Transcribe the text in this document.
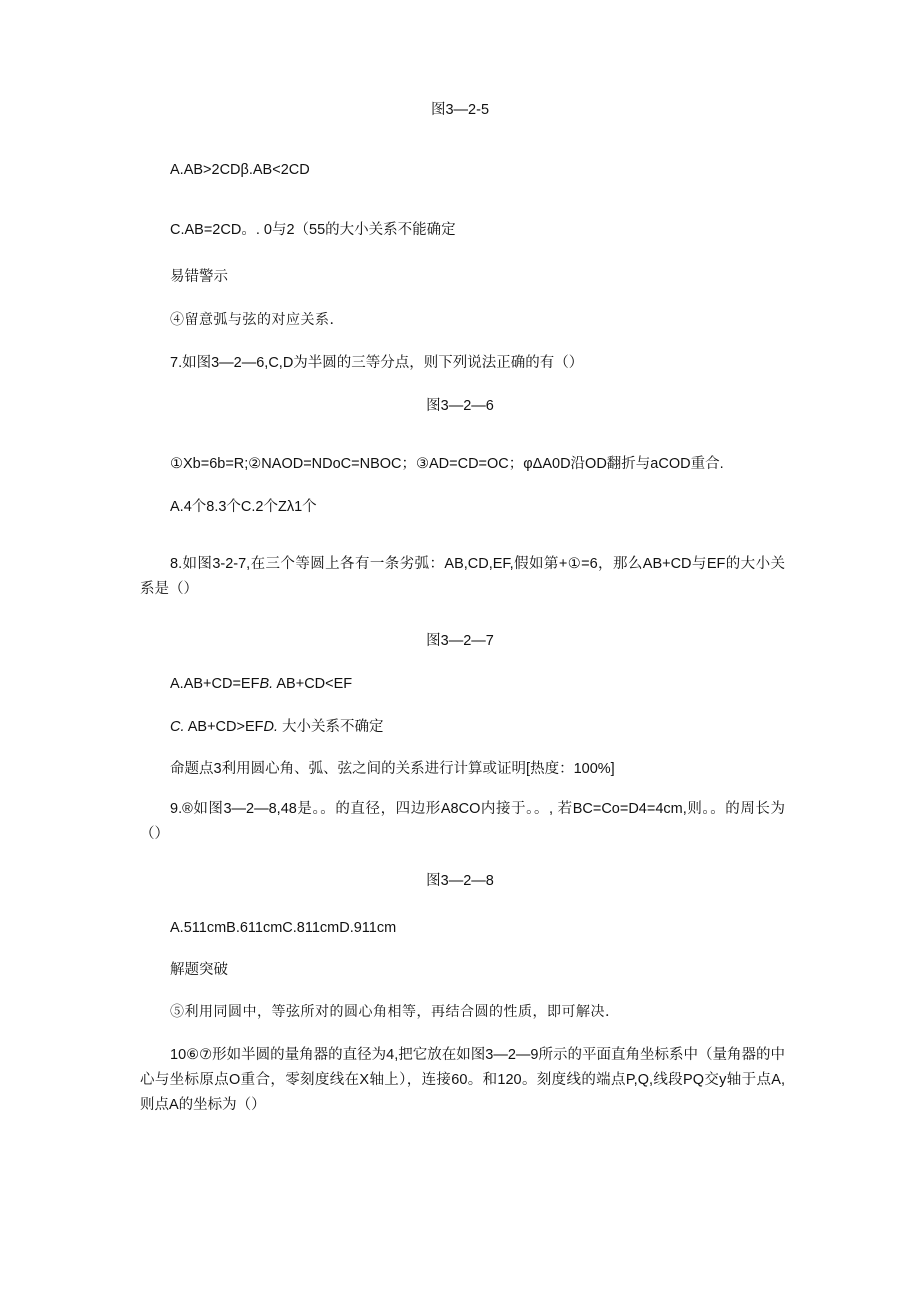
图3—2-5
A.AB>2CDβ.AB<2CD
C.AB=2CD。. 0与2（55的大小关系不能确定
易错警示
④留意弧与弦的对应关系.
7.如图3—2—6,C,D为半圆的三等分点，则下列说法正确的有（）
图3—2—6
①Xb=6b=R;②NAOD=NDoC=NBOC；③AD=CD=OC；φΔA0D沿OD翻折与aCOD重合.
A.4个8.3个C.2个Zλ1个
8.如图3-2-7,在三个等圆上各有一条劣弧：AB,CD,EF,假如第+①=6，那么AB+CD与EF的大小关系是（）
图3—2—7
A.AB+CD=EFB. AB+CD<EF
C. AB+CD>EFD. 大小关系不确定
命题点3利用圆心角、弧、弦之间的关系进行计算或证明[热度：100%]
9.®如图3—2—8,48是。。的直径，四边形A8CO内接于。。, 若BC=Co=D4=4cm,则。。的周长为（）
图3—2—8
A.511cmB.611cmC.811cmD.911cm
解题突破
⑤利用同圆中，等弦所对的圆心角相等，再结合圆的性质，即可解决.
10⑥⑦形如半圆的量角器的直径为4,把它放在如图3—2—9所示的平面直角坐标系中（量角器的中心与坐标原点O重合，零刻度线在X轴上），连接60。和120。刻度线的端点P,Q,线段PQ交y轴于点A,则点A的坐标为（）
